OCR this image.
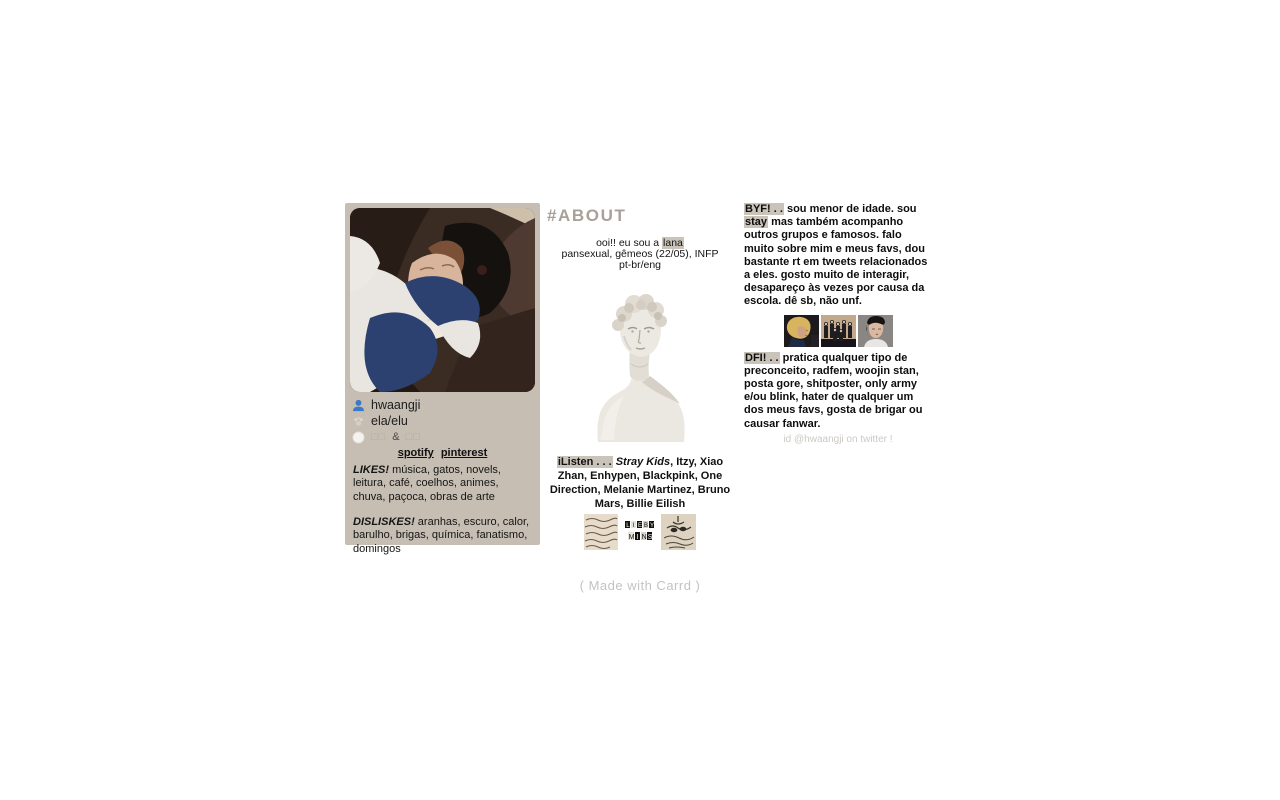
hwaangji
ela/elu
□□ & □□
spotify pinterest
LIKES! música, gatos, novels, leitura, café, coelhos, animes, chuva, paçoca, obras de arte
DISLISKES! aranhas, escuro, calor, barulho, brigas, química, fanatismo, domingos
#ABOUT
ooi!! eu sou a lana
pansexual, gêmeos (22/05), INFP
pt-br/eng
iListen . . . Stray Kids, Itzy, Xiao Zhan, Enhypen, Blackpink, One Direction, Melanie Martinez, Bruno Mars, Billie Eilish
L I E B Y
M I N S

BYF! . . sou menor de idade. sou stay mas também acompanho outros grupos e famosos. falo muito sobre mim e meus favs, dou bastante rt em tweets relacionados a eles. gosto muito de interagir, desapareço às vezes por causa da escola. dê sb, não unf.

DFI! . . pratica qualquer tipo de preconceito, radfem, woojin stan, posta gore, shitposter, only army e/ou blink, hater de qualquer um dos meus favs, gosta de brigar ou causar fanwar.

id @hwaangji on twitter !
( Made with Carrd )
